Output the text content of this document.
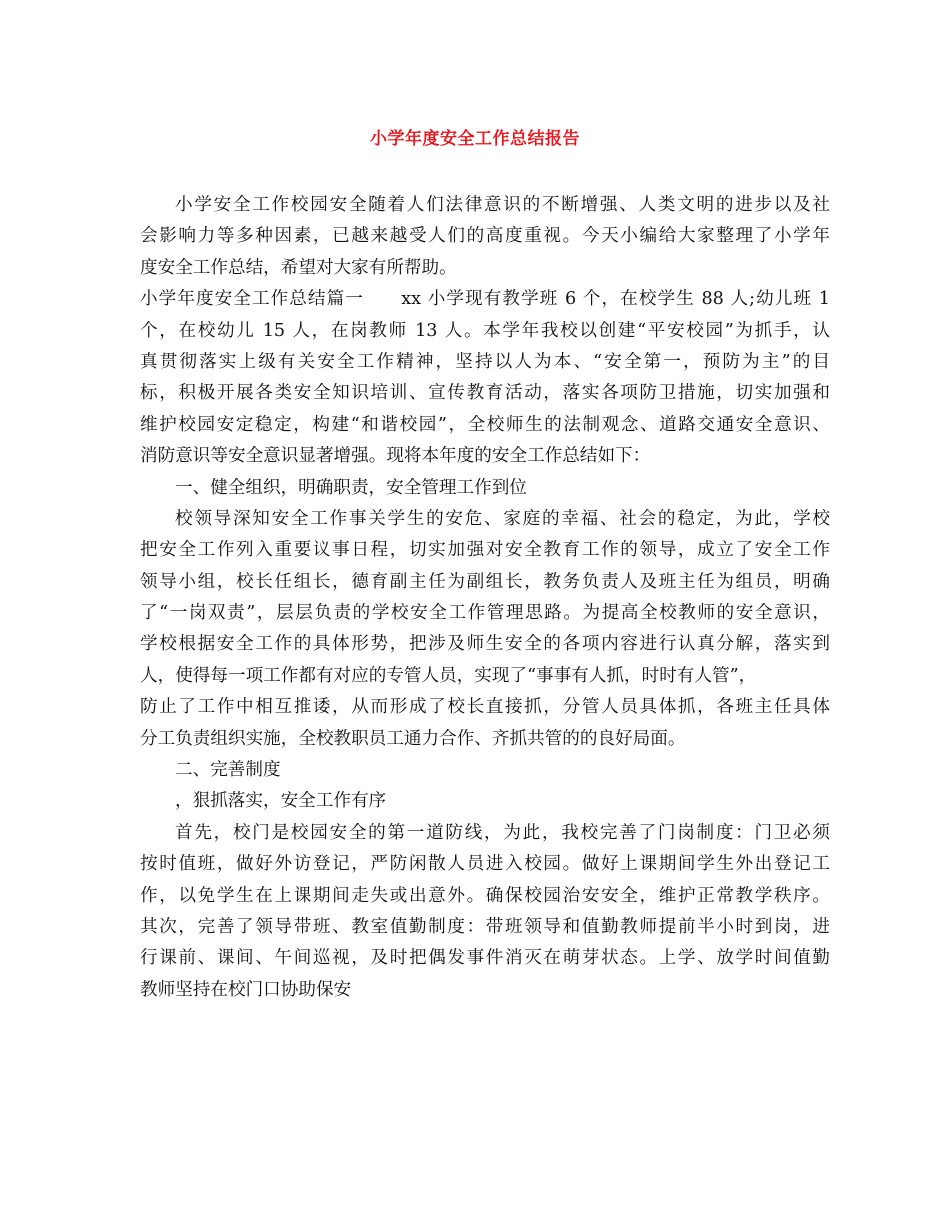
小学年度安全工作总结报告
小学安全工作校园安全随着人们法律意识的不断增强、人类文明的进步以及社
会影响力等多种因素，已越来越受人们的高度重视。今天小编给大家整理了小学年
度安全工作总结，希望对大家有所帮助。
小学年度安全工作总结篇一　　xx 小学现有教学班 6 个，在校学生 88 人;幼儿班 1
个，在校幼儿 15 人，在岗教师 13 人。本学年我校以创建“平安校园”为抓手，认
真贯彻落实上级有关安全工作精神，坚持以人为本、“安全第一，预防为主”的目
标，积极开展各类安全知识培训、宣传教育活动，落实各项防卫措施，切实加强和
维护校园安定稳定，构建“和谐校园”，全校师生的法制观念、道路交通安全意识、
消防意识等安全意识显著增强。现将本年度的安全工作总结如下：
一、健全组织，明确职责，安全管理工作到位
校领导深知安全工作事关学生的安危、家庭的幸福、社会的稳定，为此，学校
把安全工作列入重要议事日程，切实加强对安全教育工作的领导，成立了安全工作
领导小组，校长任组长，德育副主任为副组长，教务负责人及班主任为组员，明确
了“一岗双责”，层层负责的学校安全工作管理思路。为提高全校教师的安全意识，
学校根据安全工作的具体形势，把涉及师生安全的各项内容进行认真分解，落实到
人，使得每一项工作都有对应的专管人员，实现了“事事有人抓，时时有人管”，
防止了工作中相互推诿，从而形成了校长直接抓，分管人员具体抓，各班主任具体
分工负责组织实施，全校教职员工通力合作、齐抓共管的的良好局面。
二、完善制度
，狠抓落实，安全工作有序
首先，校门是校园安全的第一道防线，为此，我校完善了门岗制度：门卫必须
按时值班，做好外访登记，严防闲散人员进入校园。做好上课期间学生外出登记工
作，以免学生在上课期间走失或出意外。确保校园治安安全，维护正常教学秩序。
其次，完善了领导带班、教室值勤制度：带班领导和值勤教师提前半小时到岗，进
行课前、课间、午间巡视，及时把偶发事件消灭在萌芽状态。上学、放学时间值勤
教师坚持在校门口协助保安
